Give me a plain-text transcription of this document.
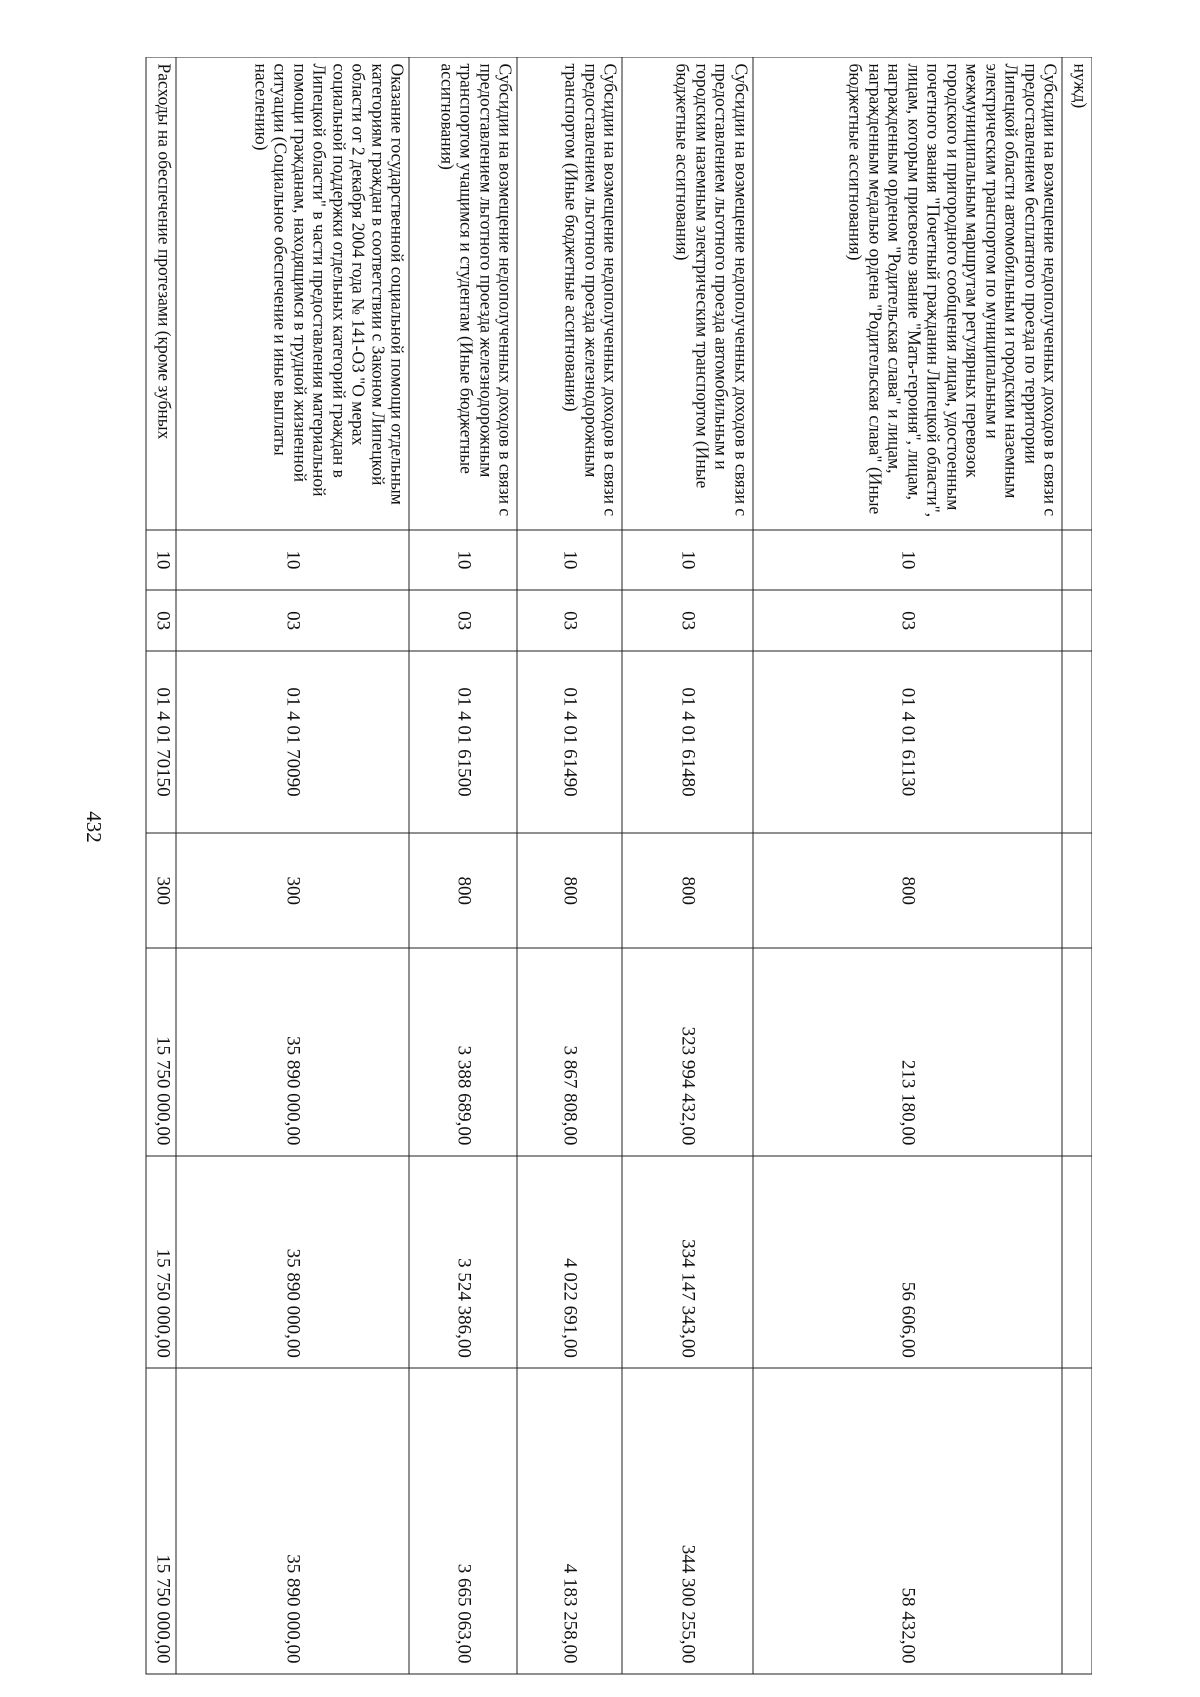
432
нужд)							
Субсидии на возмещение недополученных доходов в связи с предоставлением бесплатного проезда по территории Липецкой области автомобильным и городским наземным электрическим транспортом по муниципальным и межмуниципальным маршрутам регулярных перевозок городского и пригородного сообщения лицам, удостоенным почетного звания "Почетный гражданин Липецкой области", лицам, которым присвоено звание "Мать-героиня", лицам, награжденным орденом "Родительская слава" и лицам, награжденным медалью ордена "Родительская слава" (Иные бюджетные ассигнования)	10	03	01 4 01 61130	800	213 180,00	56 606,00	58 432,00
Субсидии на возмещение недополученных доходов в связи с предоставлением льготного проезда автомобильным и городским наземным электрическим транспортом (Иные бюджетные ассигнования)	10	03	01 4 01 61480	800	323 994 432,00	334 147 343,00	344 300 255,00
Субсидии на возмещение недополученных доходов в связи с предоставлением льготного проезда железнодорожным транспортом (Иные бюджетные ассигнования)	10	03	01 4 01 61490	800	3 867 808,00	4 022 691,00	4 183 258,00
Субсидии на возмещение недополученных доходов в связи с предоставлением льготного проезда железнодорожным транспортом учащимся и студентам (Иные бюджетные ассигнования)	10	03	01 4 01 61500	800	3 388 689,00	3 524 386,00	3 665 063,00
Оказание государственной социальной помощи отдельным категориям граждан в соответствии с Законом Липецкой области от 2 декабря 2004 года № 141-ОЗ "О мерах социальной поддержки отдельных категорий граждан в Липецкой области" в части предоставления материальной помощи гражданам, находящимся в трудной жизненной ситуации (Социальное обеспечение и иные выплаты населению)	10	03	01 4 01 70090	300	35 890 000,00	35 890 000,00	35 890 000,00
Расходы на обеспечение протезами (кроме зубных	10	03	01 4 01 70150	300	15 750 000,00	15 750 000,00	15 750 000,00
